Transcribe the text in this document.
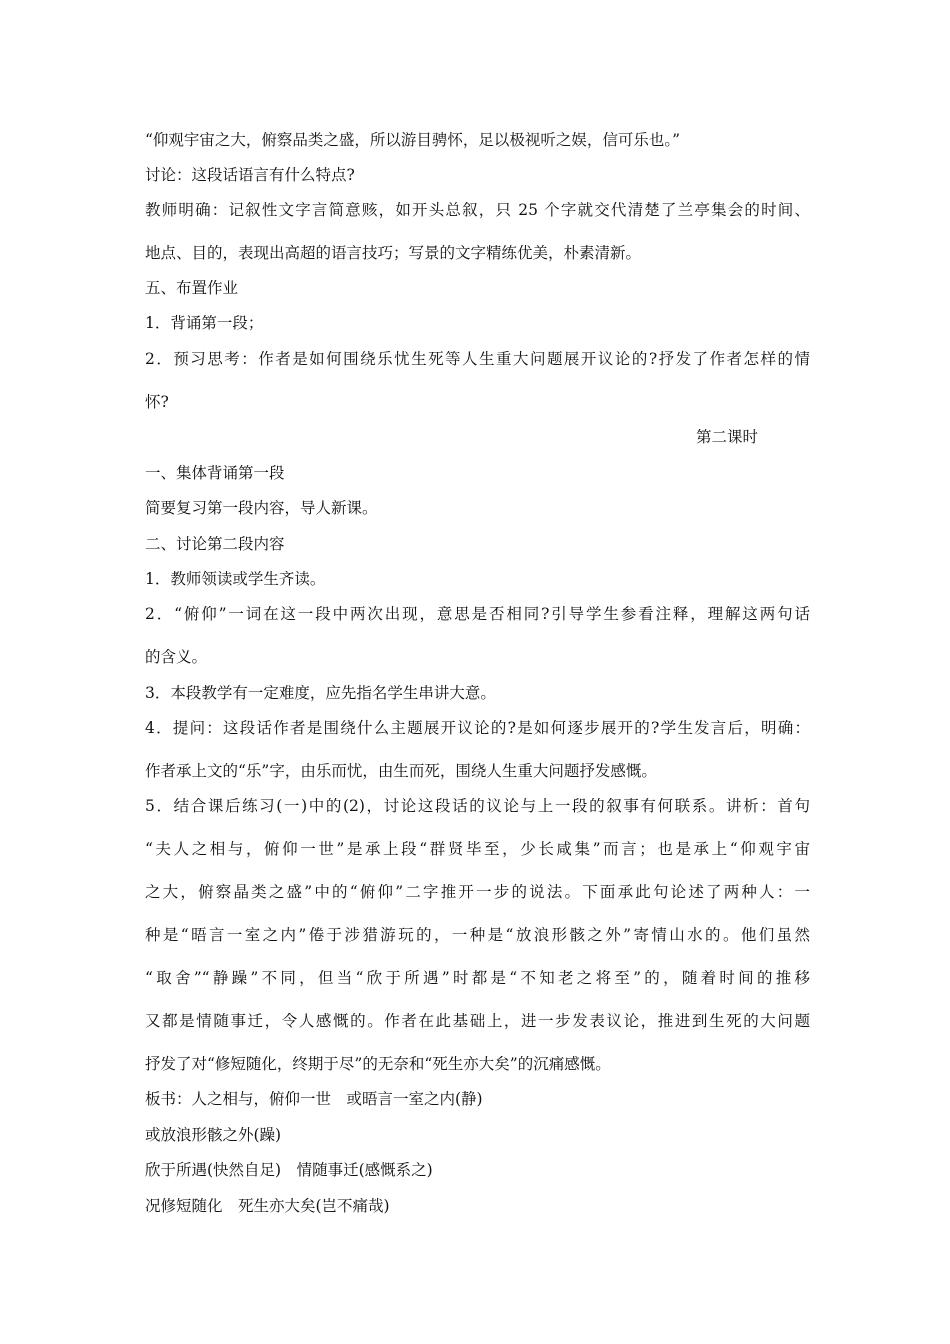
“仰观宇宙之大，俯察品类之盛，所以游目骋怀，足以极视听之娱，信可乐也。”
讨论：这段话语言有什么特点?
教师明确：记叙性文字言简意赅，如开头总叙，只 25 个字就交代清楚了兰亭集会的时间、
地点、目的，表现出高超的语言技巧；写景的文字精练优美，朴素清新。
五、布置作业
1．背诵第一段；
2．预习思考：作者是如何围绕乐忧生死等人生重大问题展开议论的?抒发了作者怎样的情
怀?
第二课时
一、集体背诵第一段
简要复习第一段内容，导人新课。
二、讨论第二段内容
1．教师领读或学生齐读。
2．“俯仰”一词在这一段中两次出现，意思是否相同?引导学生参看注释，理解这两句话
的含义。
3．本段教学有一定难度，应先指名学生串讲大意。
4．提问：这段话作者是围绕什么主题展开议论的?是如何逐步展开的?学生发言后，明确：
作者承上文的“乐”字，由乐而忧，由生而死，围绕人生重大问题抒发感慨。
5．结合课后练习(一)中的(2)，讨论这段话的议论与上一段的叙事有何联系。讲析：首句
“夫人之相与，俯仰一世”是承上段“群贤毕至，少长咸集”而言；也是承上“仰观宇宙
之大，俯察晶类之盛”中的“俯仰”二字推开一步的说法。下面承此句论述了两种人：一
种是“晤言一室之内”倦于涉猎游玩的，一种是“放浪形骸之外”寄情山水的。他们虽然
“取舍”“静躁”不同，但当“欣于所遇”时都是“不知老之将至”的，随着时间的推移
又都是情随事迁，令人感慨的。作者在此基础上，进一步发表议论，推进到生死的大问题
抒发了对“修短随化，终期于尽”的无奈和“死生亦大矣”的沉痛感慨。
板书：人之相与，俯仰一世　或晤言一室之内(静)
或放浪形骸之外(躁)
欣于所遇(快然自足)　情随事迁(感慨系之)
况修短随化　死生亦大矣(岂不痛哉)
